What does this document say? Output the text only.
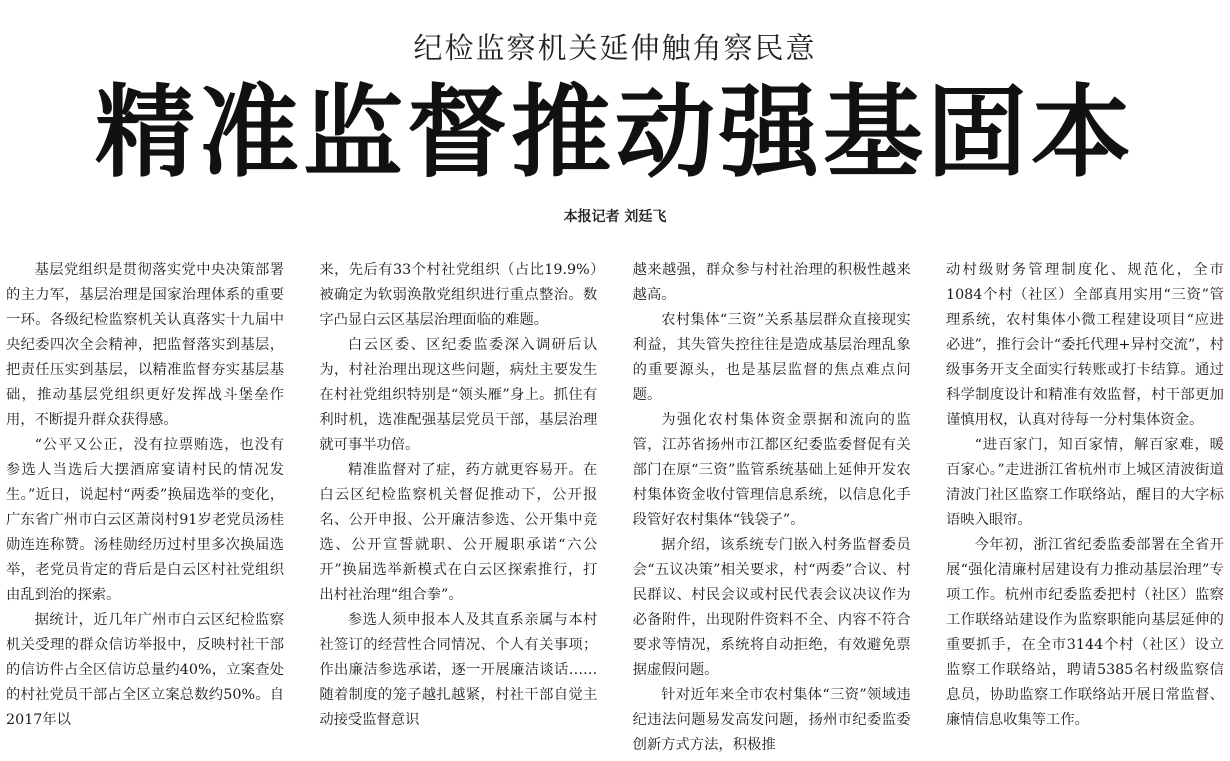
纪检监察机关延伸触角察民意
精准监督推动强基固本
本报记者 刘廷飞

基层党组织是贯彻落实党中央决策部署的主力军，基层治理是国家治理体系的重要一环。各级纪检监察机关认真落实十九届中央纪委四次全会精神，把监督落实到基层，把责任压实到基层，以精准监督夯实基层基础，推动基层党组织更好发挥战斗堡垒作用，不断提升群众获得感。

“公平又公正，没有拉票贿选，也没有参选人当选后大摆酒席宴请村民的情况发生。”近日，说起村“两委”换届选举的变化，广东省广州市白云区萧岗村91岁老党员汤桂勋连连称赞。汤桂勋经历过村里多次换届选举，老党员肯定的背后是白云区村社党组织由乱到治的探索。

据统计，近几年广州市白云区纪检监察机关受理的群众信访举报中，反映村社干部的信访件占全区信访总量约40%，立案查处的村社党员干部占全区立案总数约50%。自2017年以

来，先后有33个村社党组织（占比19.9%）被确定为软弱涣散党组织进行重点整治。数字凸显白云区基层治理面临的难题。

白云区委、区纪委监委深入调研后认为，村社治理出现这些问题，病灶主要发生在村社党组织特别是“领头雁”身上。抓住有利时机，选准配强基层党员干部，基层治理就可事半功倍。

精准监督对了症，药方就更容易开。在白云区纪检监察机关督促推动下，公开报名、公开申报、公开廉洁参选、公开集中竞选、公开宣誓就职、公开履职承诺“六公开”换届选举新模式在白云区探索推行，打出村社治理“组合拳”。

参选人须申报本人及其直系亲属与本村社签订的经营性合同情况、个人有关事项；作出廉洁参选承诺，逐一开展廉洁谈话……随着制度的笼子越扎越紧，村社干部自觉主动接受监督意识

越来越强，群众参与村社治理的积极性越来越高。

农村集体“三资”关系基层群众直接现实利益，其失管失控往往是造成基层治理乱象的重要源头，也是基层监督的焦点难点问题。

为强化农村集体资金票据和流向的监管，江苏省扬州市江都区纪委监委督促有关部门在原“三资”监管系统基础上延伸开发农村集体资金收付管理信息系统，以信息化手段管好农村集体“钱袋子”。

据介绍，该系统专门嵌入村务监督委员会“五议决策”相关要求，村“两委”合议、村民群议、村民会议或村民代表会议决议作为必备附件，出现附件资料不全、内容不符合要求等情况，系统将自动拒绝，有效避免票据虚假问题。

针对近年来全市农村集体“三资”领域违纪违法问题易发高发问题，扬州市纪委监委创新方式方法，积极推

动村级财务管理制度化、规范化，全市1084个村（社区）全部真用实用“三资”管理系统，农村集体小微工程建设项目“应进必进”，推行会计“委托代理+异村交流”，村级事务开支全面实行转账或打卡结算。通过科学制度设计和精准有效监督，村干部更加谨慎用权，认真对待每一分村集体资金。

“进百家门，知百家情，解百家难，暖百家心。”走进浙江省杭州市上城区清波街道清波门社区监察工作联络站，醒目的大字标语映入眼帘。

今年初，浙江省纪委监委部署在全省开展“强化清廉村居建设有力推动基层治理”专项工作。杭州市纪委监委把村（社区）监察工作联络站建设作为监察职能向基层延伸的重要抓手，在全市3144个村（社区）设立监察工作联络站，聘请5385名村级监察信息员，协助监察工作联络站开展日常监督、廉情信息收集等工作。
